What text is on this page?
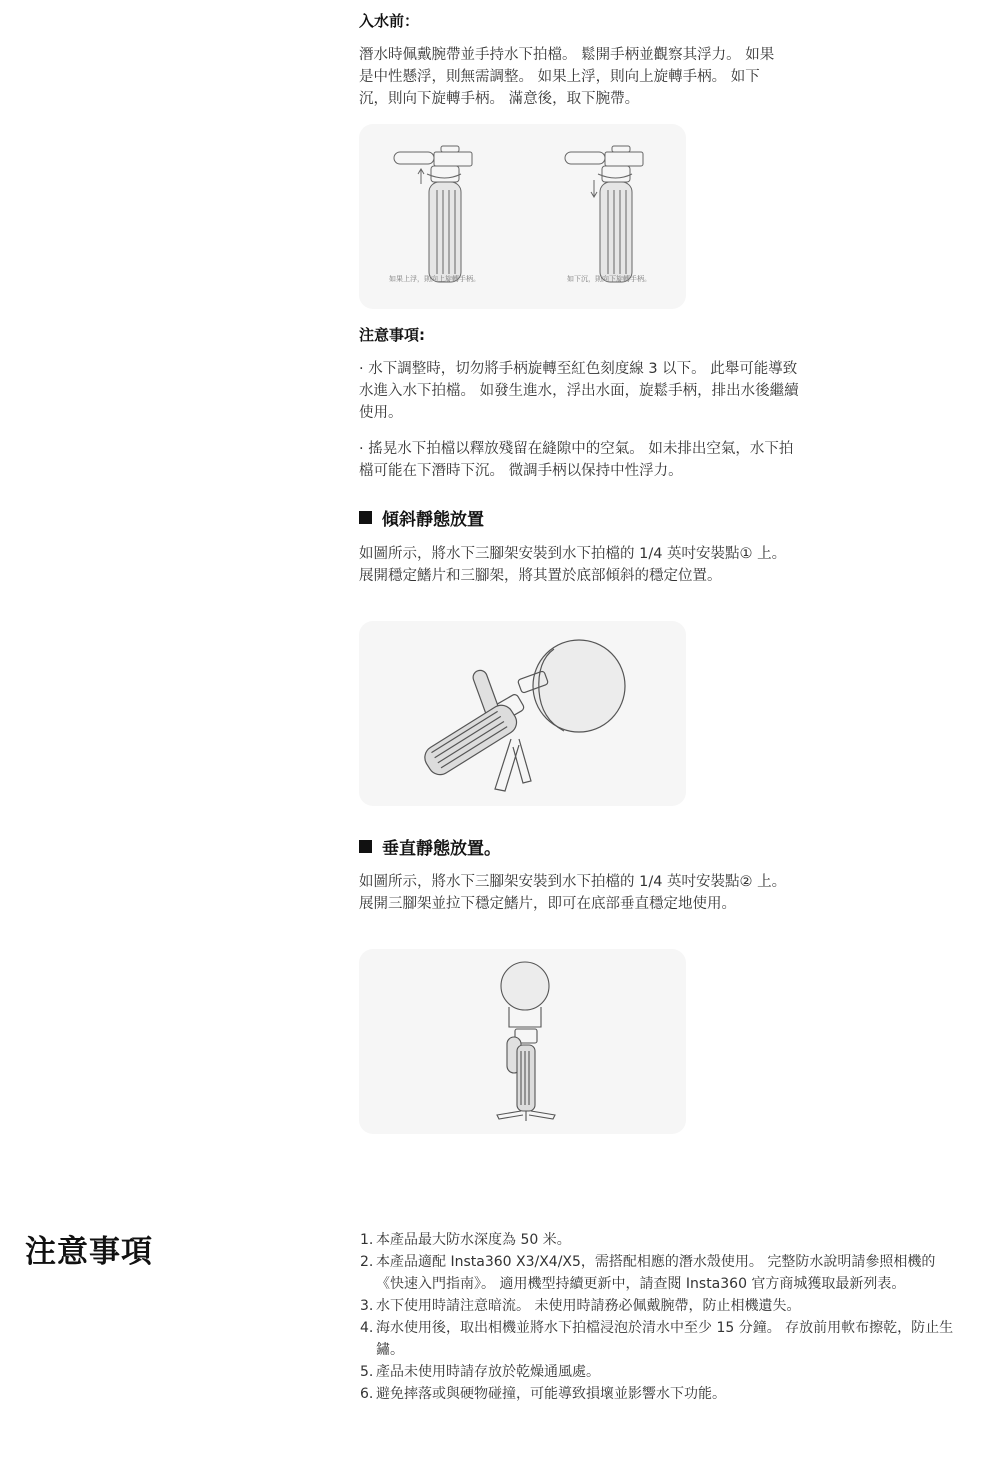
入水前：

潛水時佩戴腕帶並手持水下拍檔。 鬆開手柄並觀察其浮力。 如果是中性懸浮，則無需調整。 如果上浮，則向上旋轉手柄。 如下沉，則向下旋轉手柄。 滿意後，取下腕帶。

如果上浮，則向上旋轉手柄。	如下沉，則向下旋轉手柄。
注意事項:

· 水下調整時，切勿將手柄旋轉至紅色刻度線 3 以下。 此舉可能導致水進入水下拍檔。 如發生進水，浮出水面，旋鬆手柄，排出水後繼續使用。

· 搖晃水下拍檔以釋放殘留在縫隙中的空氣。 如未排出空氣，水下拍檔可能在下潛時下沉。 微調手柄以保持中性浮力。

傾斜靜態放置

如圖所示，將水下三腳架安裝到水下拍檔的 1/4 英吋安裝點① 上。 展開穩定鰭片和三腳架，將其置於底部傾斜的穩定位置。

垂直靜態放置。

如圖所示，將水下三腳架安裝到水下拍檔的 1/4 英吋安裝點② 上。 展開三腳架並拉下穩定鰭片，即可在底部垂直穩定地使用。

注意事項	1. 本產品最大防水深度為 50 米。
2. 本產品適配 Insta360 X3/X4/X5，需搭配相應的潛水殼使用。 完整防水說明請參照相機的《快速入門指南》。 適用機型持續更新中，請查閱 Insta360 官方商城獲取最新列表。
3. 水下使用時請注意暗流。 未使用時請務必佩戴腕帶，防止相機遺失。
4. 海水使用後，取出相機並將水下拍檔浸泡於清水中至少 15 分鐘。 存放前用軟布擦乾，防止生鏽。
5. 產品未使用時請存放於乾燥通風處。
6. 避免摔落或與硬物碰撞，可能導致損壞並影響水下功能。
